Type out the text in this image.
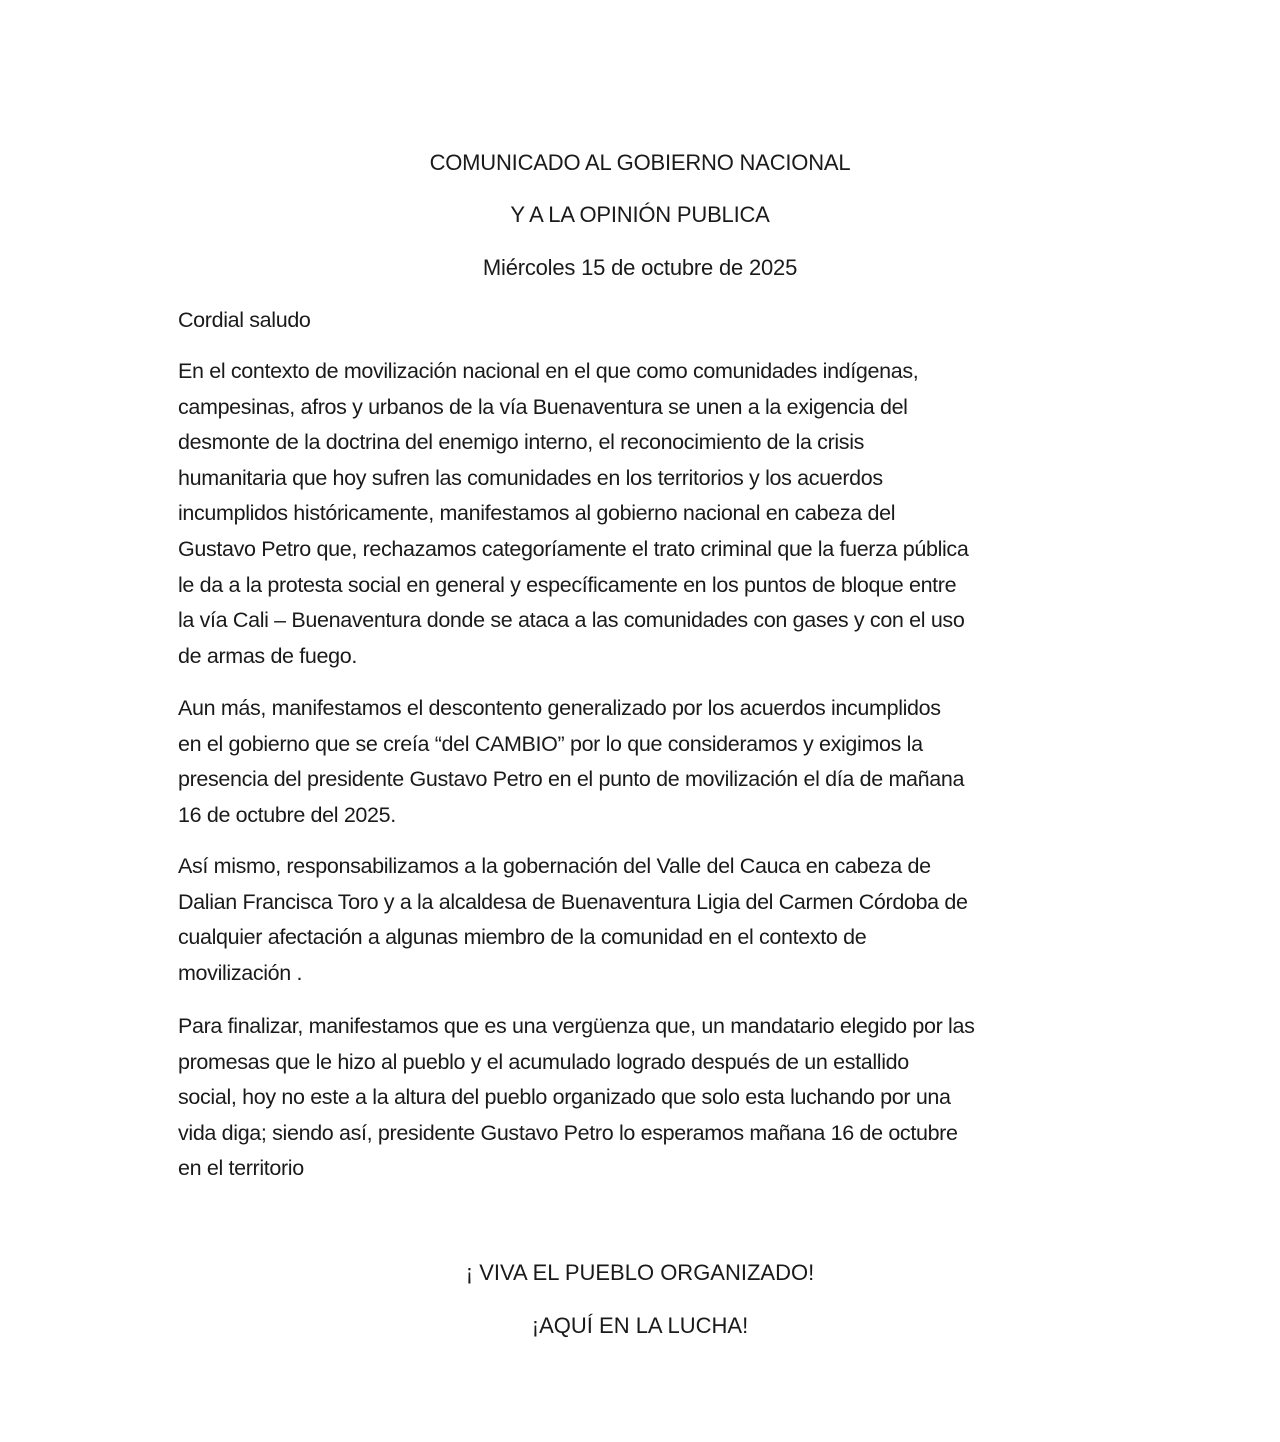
COMUNICADO AL GOBIERNO NACIONAL
Y A LA OPINIÓN PUBLICA
Miércoles 15 de octubre de 2025
Cordial saludo
En el contexto de movilización nacional en el que como comunidades indígenas,
campesinas, afros y urbanos de la vía Buenaventura se unen a la exigencia del
desmonte de la doctrina del enemigo interno, el reconocimiento de la crisis
humanitaria que hoy sufren las comunidades en los territorios y los acuerdos
incumplidos históricamente, manifestamos al gobierno nacional en cabeza del
Gustavo Petro que, rechazamos categoríamente el trato criminal que la fuerza pública
le da a la protesta social en general y específicamente en los puntos de bloque entre
la vía Cali – Buenaventura donde se ataca a las comunidades con gases y con el uso
de armas de fuego.
Aun más, manifestamos el descontento generalizado por los acuerdos incumplidos
en el gobierno que se creía “del CAMBIO” por lo que consideramos y exigimos la
presencia del presidente Gustavo Petro en el punto de movilización el día de mañana
16 de octubre del 2025.
Así mismo, responsabilizamos a la gobernación del Valle del Cauca en cabeza de
Dalian Francisca Toro y a la alcaldesa de Buenaventura Ligia del Carmen Córdoba de
cualquier afectación a algunas miembro de la comunidad en el contexto de
movilización .
Para finalizar, manifestamos que es una vergüenza que, un mandatario elegido por las
promesas que le hizo al pueblo y el acumulado logrado después de un estallido
social, hoy no este a la altura del pueblo organizado que solo esta luchando por una
vida diga; siendo así, presidente Gustavo Petro lo esperamos mañana 16 de octubre
en el territorio
¡ VIVA EL PUEBLO ORGANIZADO!
¡AQUÍ EN LA LUCHA!
